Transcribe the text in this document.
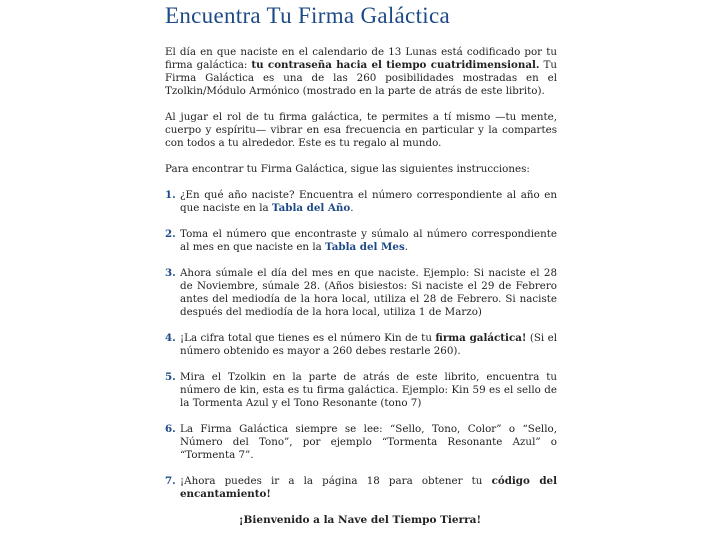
Encuentra Tu Firma Galáctica

El día en que naciste en el calendario de 13 Lunas está codificado por tu firma galáctica: tu contraseña hacia el tiempo cuatridimensional. Tu Firma Galáctica es una de las 260 posibilidades mostradas en el Tzolkin/Módulo Armónico (mostrado en la parte de atrás de este librito).

Al jugar el rol de tu firma galáctica, te permites a tí mismo —tu mente, cuerpo y espíritu— vibrar en esa frecuencia en particular y la compartes con todos a tu alrededor. Este es tu regalo al mundo.

Para encontrar tu Firma Galáctica, sigue las siguientes instrucciones:

1. ¿En qué año naciste? Encuentra el número correspondiente al año en que naciste en la Tabla del Año.
2. Toma el número que encontraste y súmalo al número correspondiente al mes en que naciste en la Tabla del Mes.
3. Ahora súmale el día del mes en que naciste. Ejemplo: Si naciste el 28 de Noviembre, súmale 28. (Años bisiestos: Si naciste el 29 de Febrero antes del mediodía de la hora local, utiliza el 28 de Febrero. Si naciste después del mediodía de la hora local, utiliza 1 de Marzo)
4. ¡La cifra total que tienes es el número Kin de tu firma galáctica! (Si el número obtenido es mayor a 260 debes restarle 260).
5. Mira el Tzolkin en la parte de atrás de este librito, encuentra tu número de kin, esta es tu firma galáctica. Ejemplo: Kin 59 es el sello de la Tormenta Azul y el Tono Resonante (tono 7)
6. La Firma Galáctica siempre se lee: “Sello, Tono, Color” o “Sello, Número del Tono”, por ejemplo “Tormenta Resonante Azul” o “Tormenta 7”.
7. ¡Ahora puedes ir a la página 18 para obtener tu código del encantamiento!
¡Bienvenido a la Nave del Tiempo Tierra!
